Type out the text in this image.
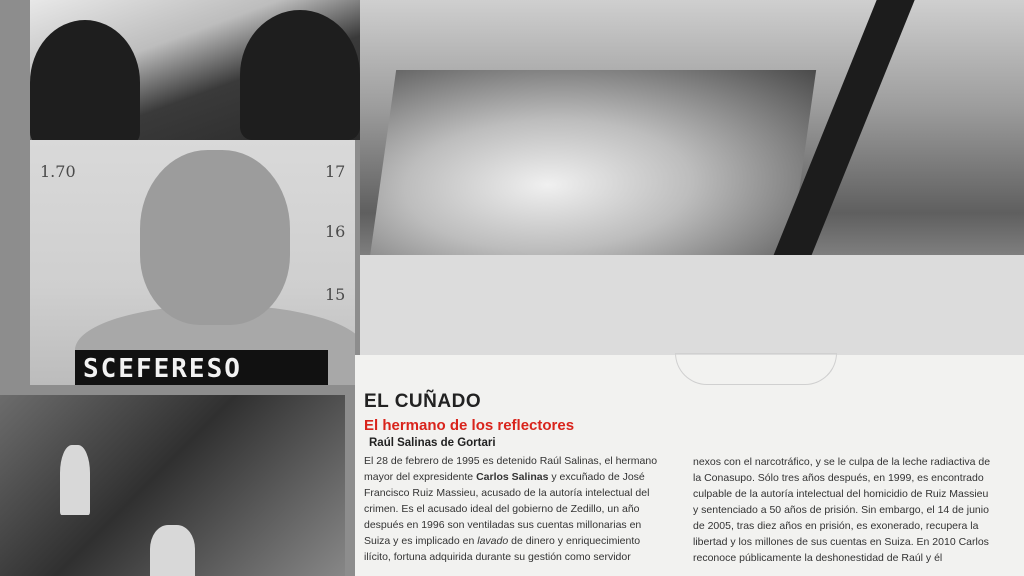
1.70	17
16
15
SCEFERESO
EL CUÑADO
El hermano de los reflectores
Raúl Salinas de Gortari

El 28 de febrero de 1995 es detenido Raúl Salinas, el hermano mayor del expresidente Carlos Salinas y excuñado de José Francisco Ruiz Massieu, acusado de la autoría intelectual del crimen. Es el acusado ideal del gobierno de Zedillo, un año después en 1996 son ventiladas sus cuentas millonarias en Suiza y es implicado en lavado de dinero y enriquecimiento ilícito, fortuna adquirida durante su gestión como servidor

nexos con el narcotráfico, y se le culpa de la leche radiactiva de la Conasupo. Sólo tres años después, en 1999, es encontrado culpable de la autoría intelectual del homicidio de Ruiz Massieu y sentenciado a 50 años de prisión. Sin embargo, el 14 de junio de 2005, tras diez años en prisión, es exonerado, recupera la libertad y los millones de sus cuentas en Suiza. En 2010 Carlos reconoce públicamente la deshonestidad de Raúl y él
